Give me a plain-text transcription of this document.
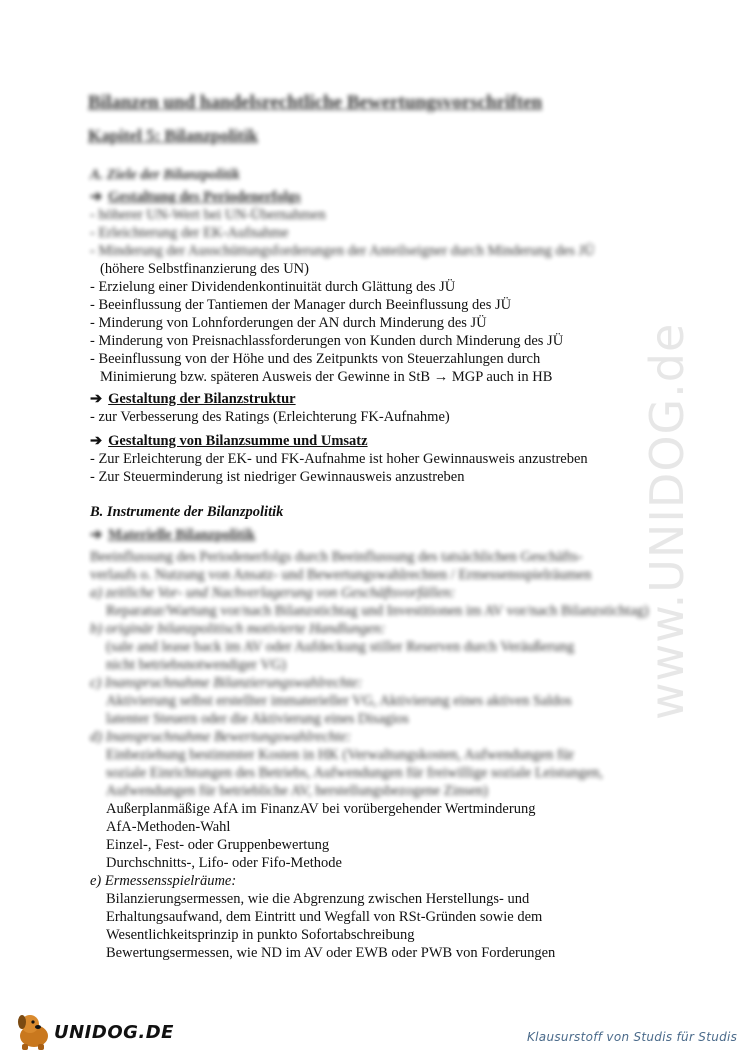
www.UNIDOG.de
Bilanzen und handelsrechtliche Bewertungsvorschriften
Kapitel 5: Bilanzpolitik
A. Ziele der Bilanzpolitik
➔ Gestaltung des Periodenerfolgs
- höherer UN-Wert bei UN-Übernahmen
- Erleichterung der EK-Aufnahme
- Minderung der Ausschüttungsforderungen der Anteilseigner durch Minderung des JÜ
(höhere Selbstfinanzierung des UN)
- Erzielung einer Dividendenkontinuität durch Glättung des JÜ
- Beeinflussung der Tantiemen der Manager durch Beeinflussung des JÜ
- Minderung von Lohnforderungen der AN durch Minderung des JÜ
- Minderung von Preisnachlassforderungen von Kunden durch Minderung des JÜ
- Beeinflussung von der Höhe und des Zeitpunkts von Steuerzahlungen durch
Minimierung bzw. späteren Ausweis der Gewinne in StB → MGP auch in HB
➔ Gestaltung der Bilanzstruktur
- zur Verbesserung des Ratings (Erleichterung FK-Aufnahme)
➔ Gestaltung von Bilanzsumme und Umsatz
- Zur Erleichterung der EK- und FK-Aufnahme ist hoher Gewinnausweis anzustreben
- Zur Steuerminderung ist niedriger Gewinnausweis anzustreben
B. Instrumente der Bilanzpolitik
➔ Materielle Bilanzpolitik
Beeinflussung des Periodenerfolgs durch Beeinflussung des tatsächlichen Geschäfts-
verlaufs o. Nutzung von Ansatz- und Bewertungswahlrechten / Ermessensspielräumen
a) zeitliche Vor- und Nachverlagerung von Geschäftsvorfällen:
Reparatur/Wartung vor/nach Bilanzstichtag und Investitionen im AV vor/nach Bilanzstichtag)
b) originär bilanzpolitisch motivierte Handlungen:
(sale and lease back im AV oder Aufdeckung stiller Reserven durch Veräußerung
nicht betriebsnotwendiger VG)
c) Inanspruchnahme Bilanzierungswahlrechte:
Aktivierung selbst erstellter immaterieller VG, Aktivierung eines aktiven Saldos
latenter Steuern oder die Aktivierung eines Disagios
d) Inanspruchnahme Bewertungswahlrechte:
Einbeziehung bestimmter Kosten in HK (Verwaltungskosten, Aufwendungen für
soziale Einrichtungen des Betriebs, Aufwendungen für freiwillige soziale Leistungen,
Aufwendungen für betriebliche AV, herstellungsbezogene Zinsen)
Außerplanmäßige AfA im FinanzAV bei vorübergehender Wertminderung
AfA-Methoden-Wahl
Einzel-, Fest- oder Gruppenbewertung
Durchschnitts-, Lifo- oder Fifo-Methode
e) Ermessensspielräume:
Bilanzierungsermessen, wie die Abgrenzung zwischen Herstellungs- und
Erhaltungsaufwand, dem Eintritt und Wegfall von RSt-Gründen sowie dem
Wesentlichkeitsprinzip in punkto Sofortabschreibung
Bewertungsermessen, wie ND im AV oder EWB oder PWB von Forderungen
UNIDOG.DE	Klausurstoff von Studis für Studis
